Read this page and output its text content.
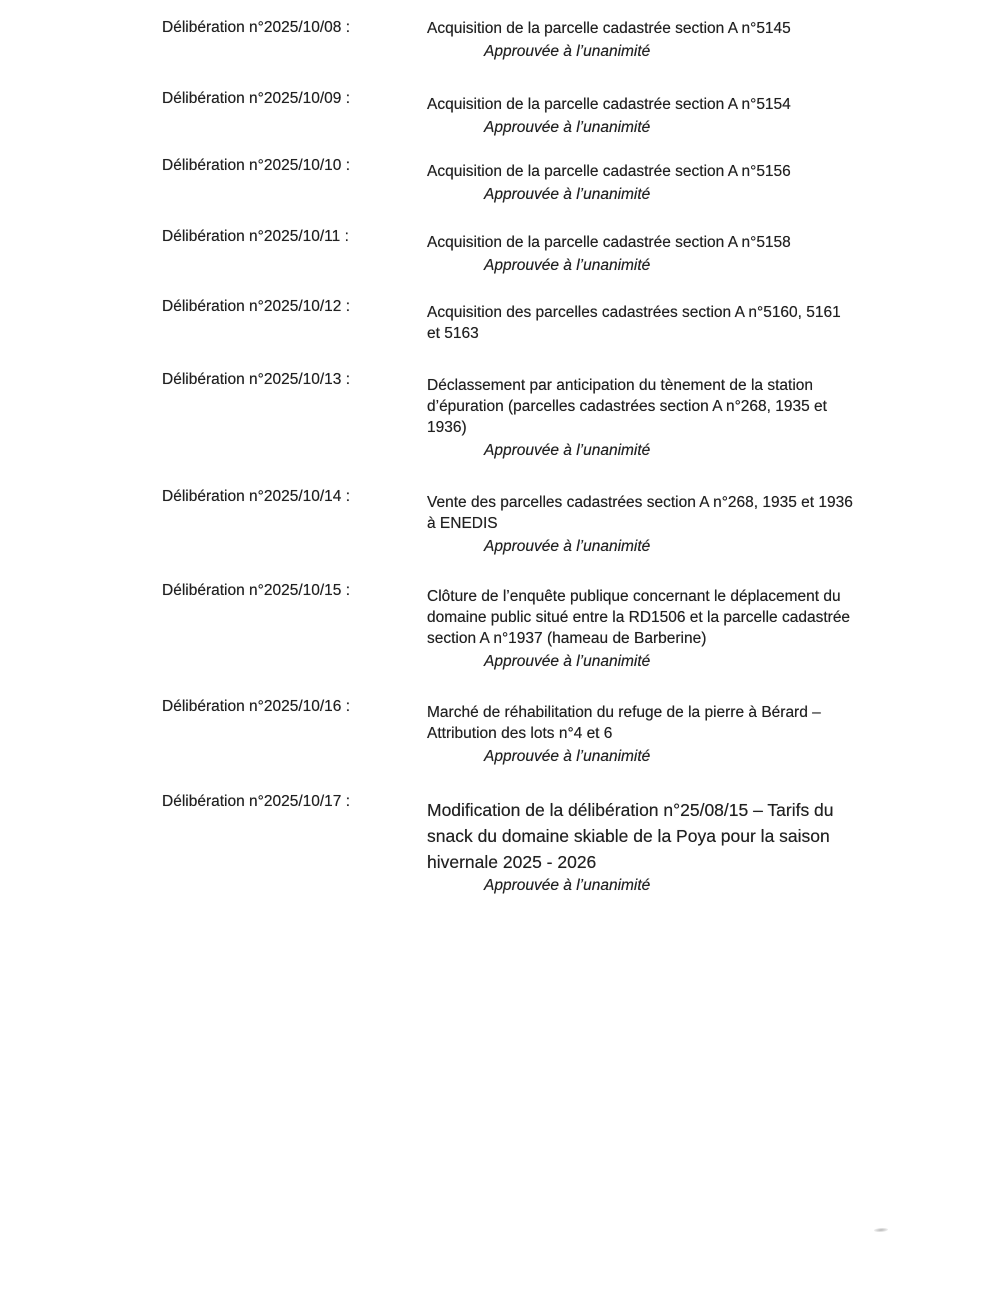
Délibération n°2025/10/08 :	Acquisition de la parcelle cadastrée section A n°5145
Approuvée à l’unanimité
Délibération n°2025/10/09 :	Acquisition de la parcelle cadastrée section A n°5154
Approuvée à l’unanimité
Délibération n°2025/10/10 :	Acquisition de la parcelle cadastrée section A n°5156
Approuvée à l’unanimité
Délibération n°2025/10/11 :	Acquisition de la parcelle cadastrée section A n°5158
Approuvée à l’unanimité
Délibération n°2025/10/12 :	Acquisition des parcelles cadastrées section A n°5160, 5161
et 5163
Délibération n°2025/10/13 :	Déclassement par anticipation du tènement de la station
d’épuration (parcelles cadastrées section A n°268, 1935 et
1936)
Approuvée à l’unanimité
Délibération n°2025/10/14 :	Vente des parcelles cadastrées section A n°268, 1935 et 1936
à ENEDIS
Approuvée à l’unanimité
Délibération n°2025/10/15 :	Clôture de l’enquête publique concernant le déplacement du
domaine public situé entre la RD1506 et la parcelle cadastrée
section A n°1937 (hameau de Barberine)
Approuvée à l’unanimité
Délibération n°2025/10/16 :	Marché de réhabilitation du refuge de la pierre à Bérard –
Attribution des lots n°4 et 6
Approuvée à l’unanimité
Délibération n°2025/10/17 :	Modification de la délibération n°25/08/15 – Tarifs du
snack du domaine skiable de la Poya pour la saison
hivernale 2025 - 2026
Approuvée à l’unanimité
